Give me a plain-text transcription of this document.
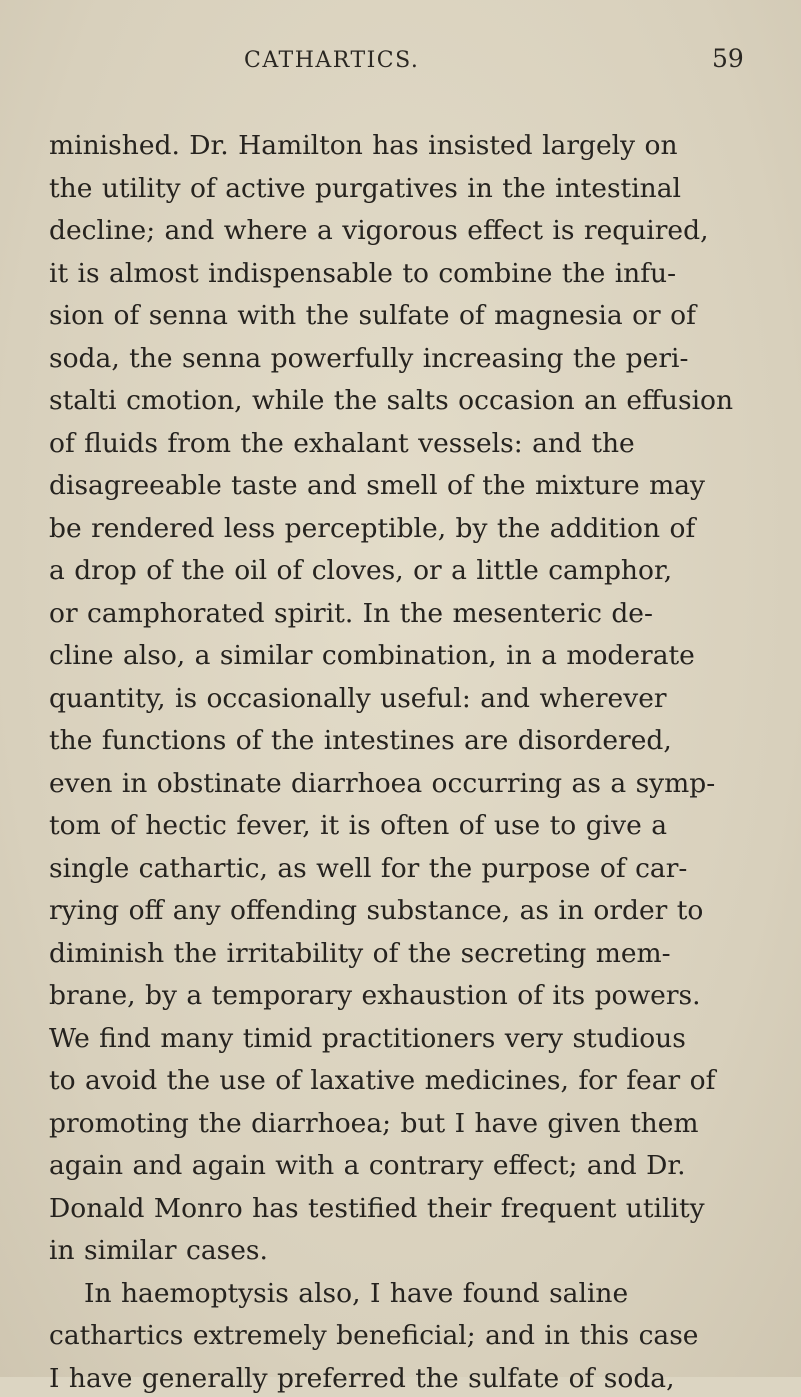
CATHARTICS.	59
minished. Dr. Hamilton has insisted largely on
the utility of active purgatives in the intestinal
decline; and where a vigorous effect is required,
it is almost indispensable to combine the infu-
sion of senna with the sulfate of magnesia or of
soda, the senna powerfully increasing the peri-
stalti cmotion, while the salts occasion an effusion
of fluids from the exhalant vessels: and the
disagreeable taste and smell of the mixture may
be rendered less perceptible, by the addition of
a drop of the oil of cloves, or a little camphor,
or camphorated spirit. In the mesenteric de-
cline also, a similar combination, in a moderate
quantity, is occasionally useful: and wherever
the functions of the intestines are disordered,
even in obstinate diarrhoea occurring as a symp-
tom of hectic fever, it is often of use to give a
single cathartic, as well for the purpose of car-
rying off any offending substance, as in order to
diminish the irritability of the secreting mem-
brane, by a temporary exhaustion of its powers.
We find many timid practitioners very studious
to avoid the use of laxative medicines, for fear of
promoting the diarrhoea; but I have given them
again and again with a contrary effect; and Dr.
Donald Monro has testified their frequent utility
in similar cases.
In haemoptysis also, I have found saline
cathartics extremely beneficial; and in this case
I have generally preferred the sulfate of soda,
